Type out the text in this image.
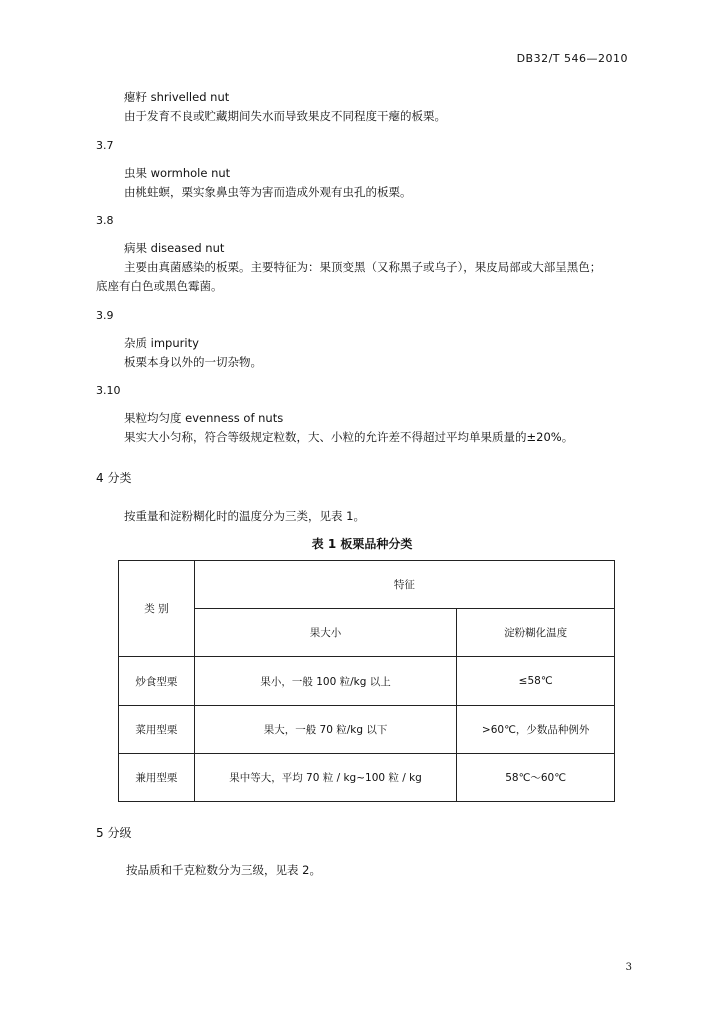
DB32/T 546—2010
瘪籽 shrivelled nut
由于发育不良或贮藏期间失水而导致果皮不同程度干瘪的板栗。
3.7
虫果 wormhole nut
由桃蛀螟，栗实象鼻虫等为害而造成外观有虫孔的板栗。
3.8
病果 diseased nut
主要由真菌感染的板栗。主要特征为：果顶变黑（又称黑子或乌子），果皮局部或大部呈黑色；
底座有白色或黑色霉菌。
3.9
杂质 impurity
板栗本身以外的一切杂物。
3.10
果粒均匀度 evenness of nuts
果实大小匀称，符合等级规定粒数，大、小粒的允许差不得超过平均单果质量的±20%。
4 分类
按重量和淀粉糊化时的温度分为三类，见表 1。
表 1 板栗品种分类
类 别	特征	
	果大小	淀粉糊化温度
炒食型栗	果小，一般 100 粒/kg 以上	≤58℃
菜用型栗	果大，一般 70 粒/kg 以下	>60℃，少数品种例外
兼用型栗	果中等大，平均 70 粒 / kg~100 粒 / kg	58℃～60℃
5 分级
按品质和千克粒数分为三级，见表 2。
3
